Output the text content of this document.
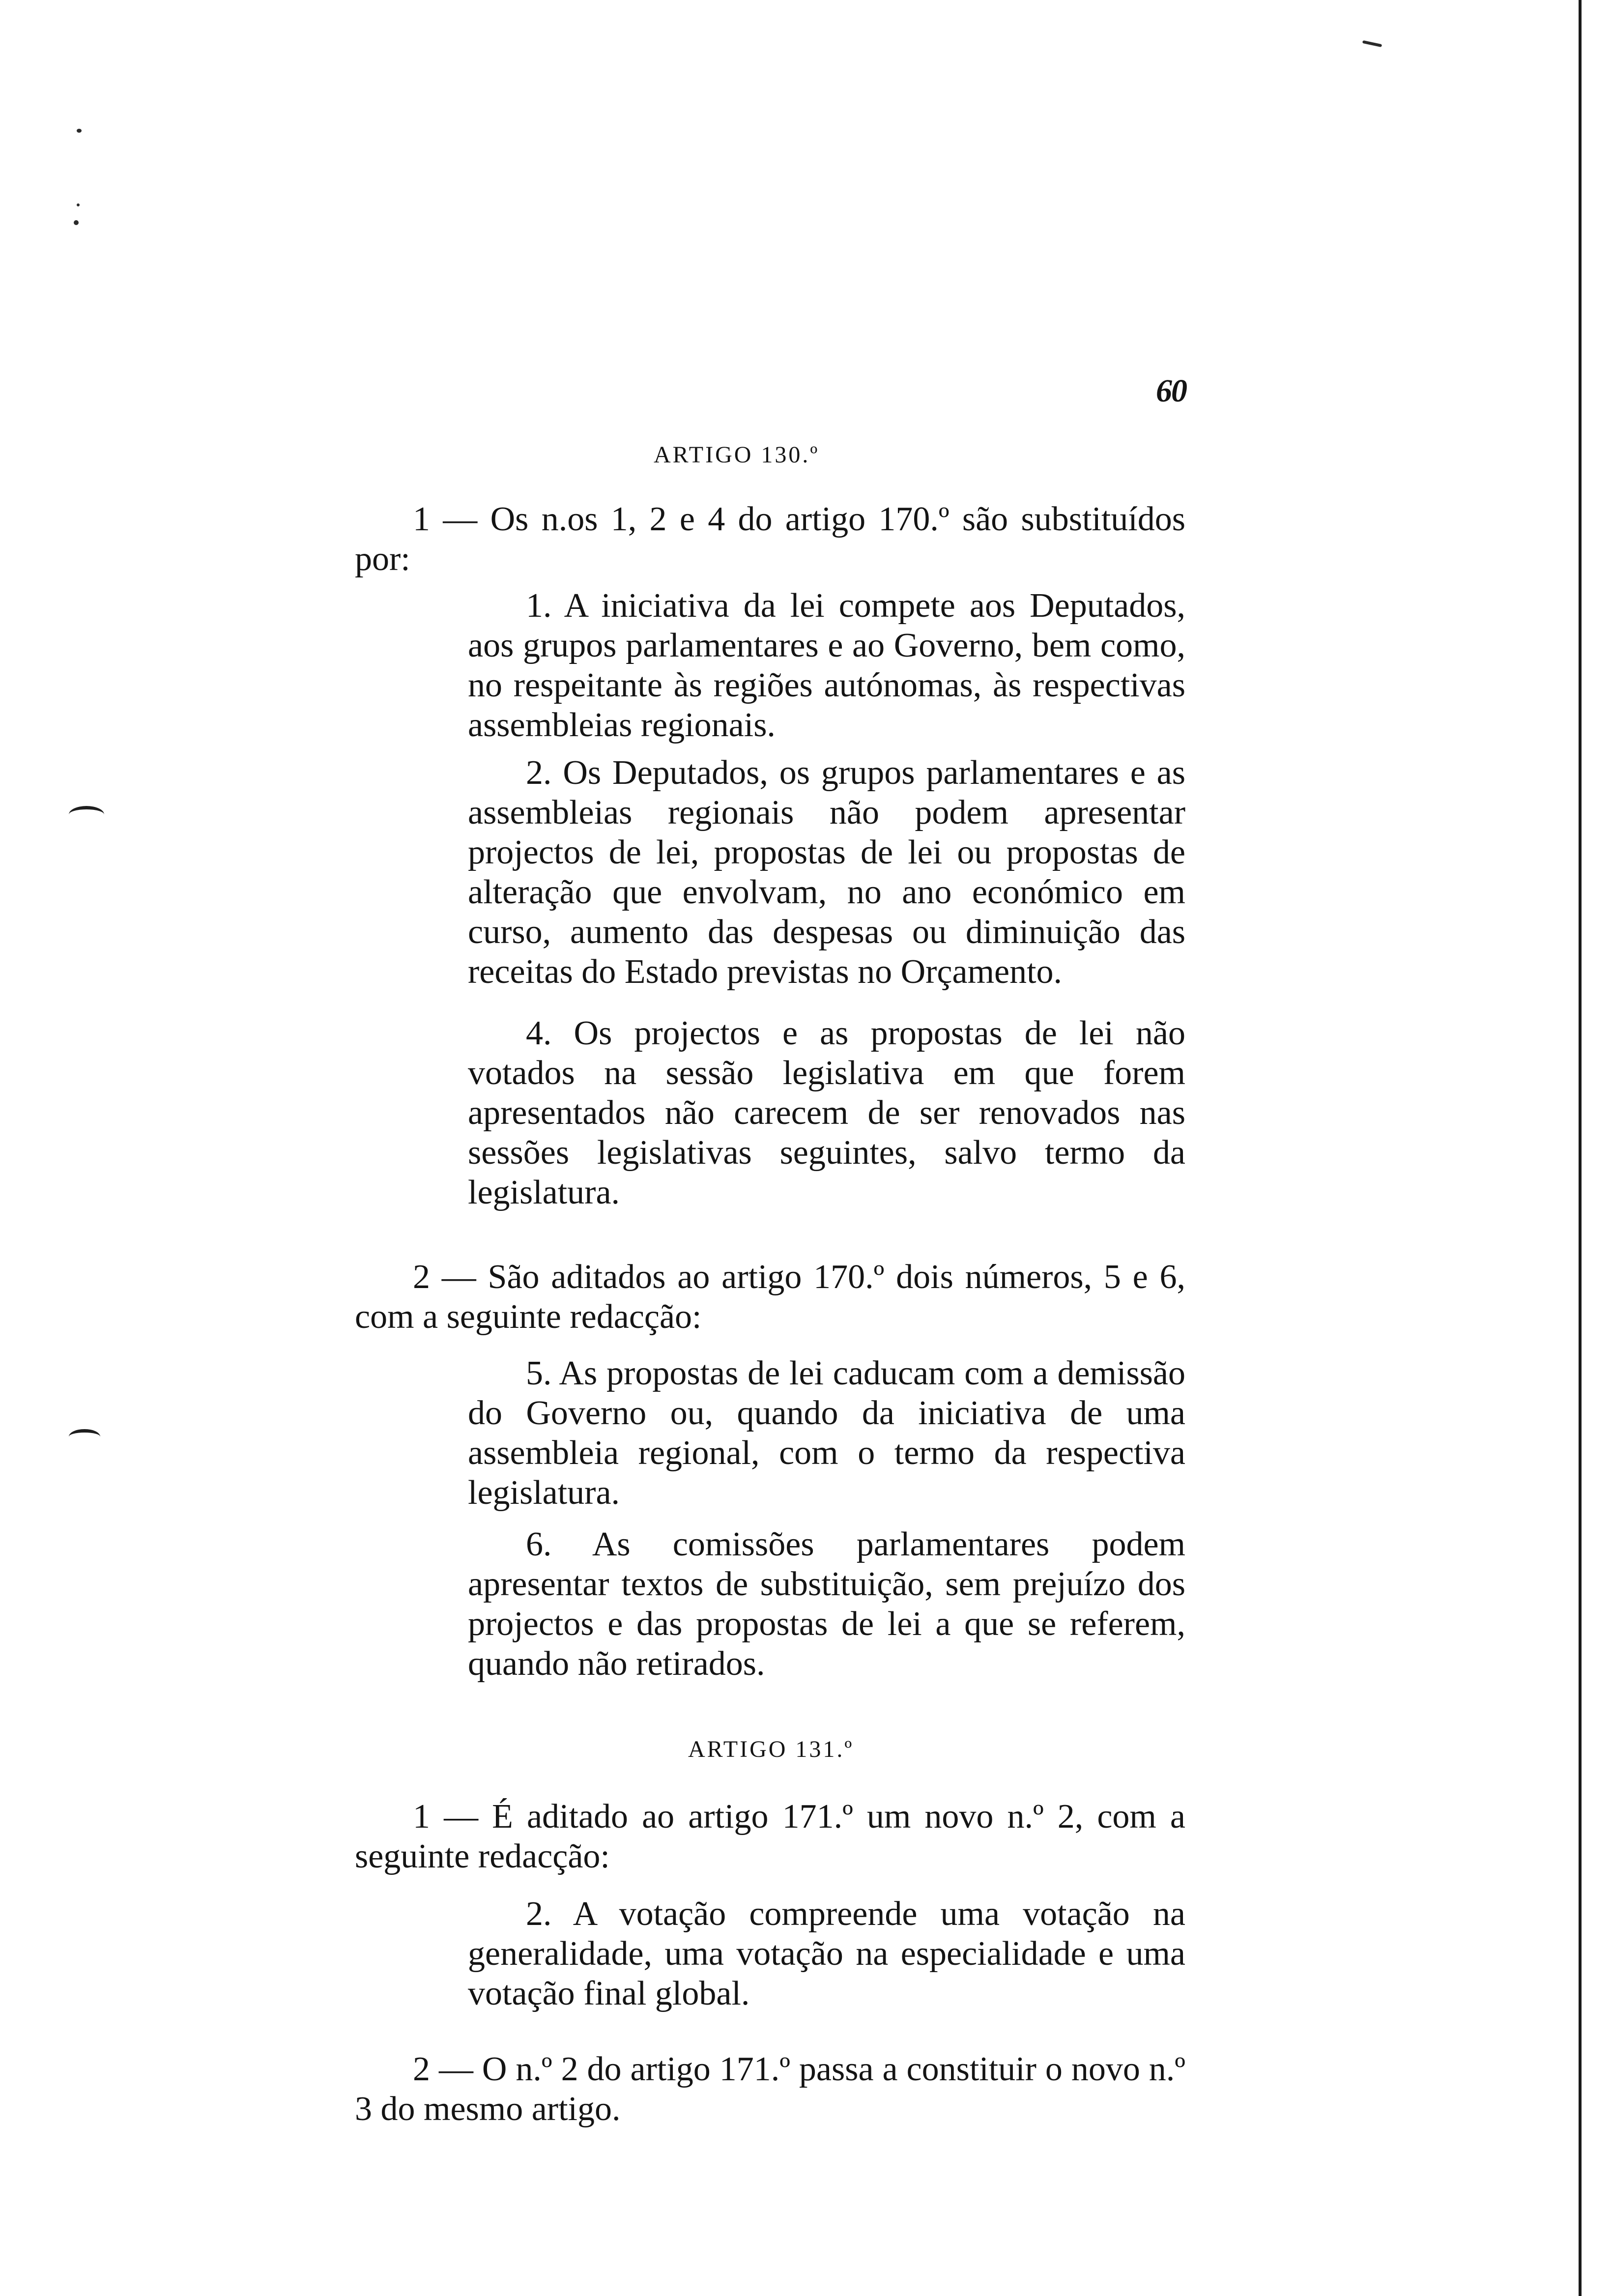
60
ARTIGO 130.º

1 — Os n.os 1, 2 e 4 do artigo 170.º são substituídos por:

1. A iniciativa da lei compete aos Deputados, aos grupos parlamentares e ao Governo, bem como, no respeitante às regiões autónomas, às respectivas assembleias regionais.

2. Os Deputados, os grupos parlamentares e as assembleias regionais não podem apresentar projectos de lei, propostas de lei ou propostas de alteração que envolvam, no ano económico em curso, aumento das despesas ou diminuição das receitas do Estado previstas no Orçamento.

4. Os projectos e as propostas de lei não votados na sessão legislativa em que forem apresentados não carecem de ser renovados nas sessões legislativas seguintes, salvo termo da legislatura.

2 — São aditados ao artigo 170.º dois números, 5 e 6, com a seguinte redacção:

5. As propostas de lei caducam com a demissão do Governo ou, quando da iniciativa de uma assembleia regional, com o termo da respectiva legislatura.

6. As comissões parlamentares podem apresentar textos de substituição, sem prejuízo dos projectos e das propostas de lei a que se referem, quando não retirados.

ARTIGO 131.º

1 — É aditado ao artigo 171.º um novo n.º 2, com a seguinte redacção:

2. A votação compreende uma votação na generalidade, uma votação na especialidade e uma votação final global.

2 — O n.º 2 do artigo 171.º passa a constituir o novo n.º 3 do mesmo artigo.
